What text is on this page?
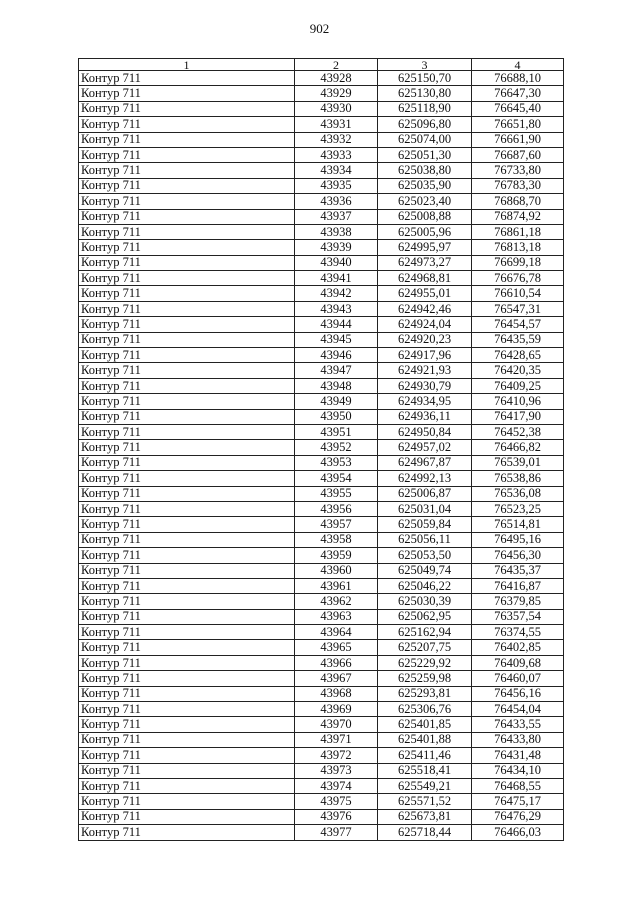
902
1	2	3	4
Контур 711	43928	625150,70	76688,10
Контур 711	43929	625130,80	76647,30
Контур 711	43930	625118,90	76645,40
Контур 711	43931	625096,80	76651,80
Контур 711	43932	625074,00	76661,90
Контур 711	43933	625051,30	76687,60
Контур 711	43934	625038,80	76733,80
Контур 711	43935	625035,90	76783,30
Контур 711	43936	625023,40	76868,70
Контур 711	43937	625008,88	76874,92
Контур 711	43938	625005,96	76861,18
Контур 711	43939	624995,97	76813,18
Контур 711	43940	624973,27	76699,18
Контур 711	43941	624968,81	76676,78
Контур 711	43942	624955,01	76610,54
Контур 711	43943	624942,46	76547,31
Контур 711	43944	624924,04	76454,57
Контур 711	43945	624920,23	76435,59
Контур 711	43946	624917,96	76428,65
Контур 711	43947	624921,93	76420,35
Контур 711	43948	624930,79	76409,25
Контур 711	43949	624934,95	76410,96
Контур 711	43950	624936,11	76417,90
Контур 711	43951	624950,84	76452,38
Контур 711	43952	624957,02	76466,82
Контур 711	43953	624967,87	76539,01
Контур 711	43954	624992,13	76538,86
Контур 711	43955	625006,87	76536,08
Контур 711	43956	625031,04	76523,25
Контур 711	43957	625059,84	76514,81
Контур 711	43958	625056,11	76495,16
Контур 711	43959	625053,50	76456,30
Контур 711	43960	625049,74	76435,37
Контур 711	43961	625046,22	76416,87
Контур 711	43962	625030,39	76379,85
Контур 711	43963	625062,95	76357,54
Контур 711	43964	625162,94	76374,55
Контур 711	43965	625207,75	76402,85
Контур 711	43966	625229,92	76409,68
Контур 711	43967	625259,98	76460,07
Контур 711	43968	625293,81	76456,16
Контур 711	43969	625306,76	76454,04
Контур 711	43970	625401,85	76433,55
Контур 711	43971	625401,88	76433,80
Контур 711	43972	625411,46	76431,48
Контур 711	43973	625518,41	76434,10
Контур 711	43974	625549,21	76468,55
Контур 711	43975	625571,52	76475,17
Контур 711	43976	625673,81	76476,29
Контур 711	43977	625718,44	76466,03
